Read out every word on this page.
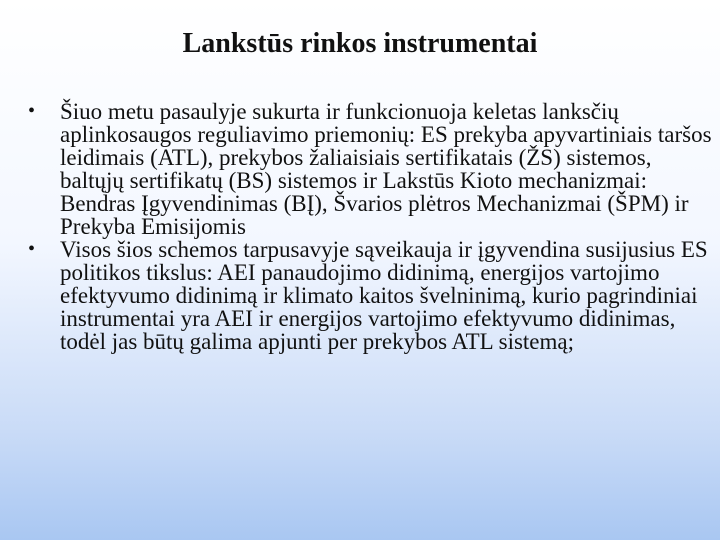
Lankstūs rinkos instrumentai
•	Šiuo metu pasaulyje sukurta ir funkcionuoja keletas lanksčių aplinkosaugos reguliavimo priemonių: ES prekyba apyvartiniais taršos leidimais (ATL), prekybos žaliaisiais sertifikatais (ŽS) sistemos, baltųjų sertifikatų (BS) sistemos ir Lakstūs Kioto mechanizmai: Bendras Įgyvendinimas (BĮ), Švarios plėtros Mechanizmai (ŠPM) ir Prekyba Emisijomis
•	Visos šios schemos tarpusavyje sąveikauja ir įgyvendina susijusius ES politikos tikslus: AEI panaudojimo didinimą, energijos vartojimo efektyvumo didinimą ir klimato kaitos švelninimą, kurio pagrindiniai instrumentai yra AEI ir energijos vartojimo efektyvumo didinimas, todėl jas būtų galima apjunti per prekybos ATL sistemą;
